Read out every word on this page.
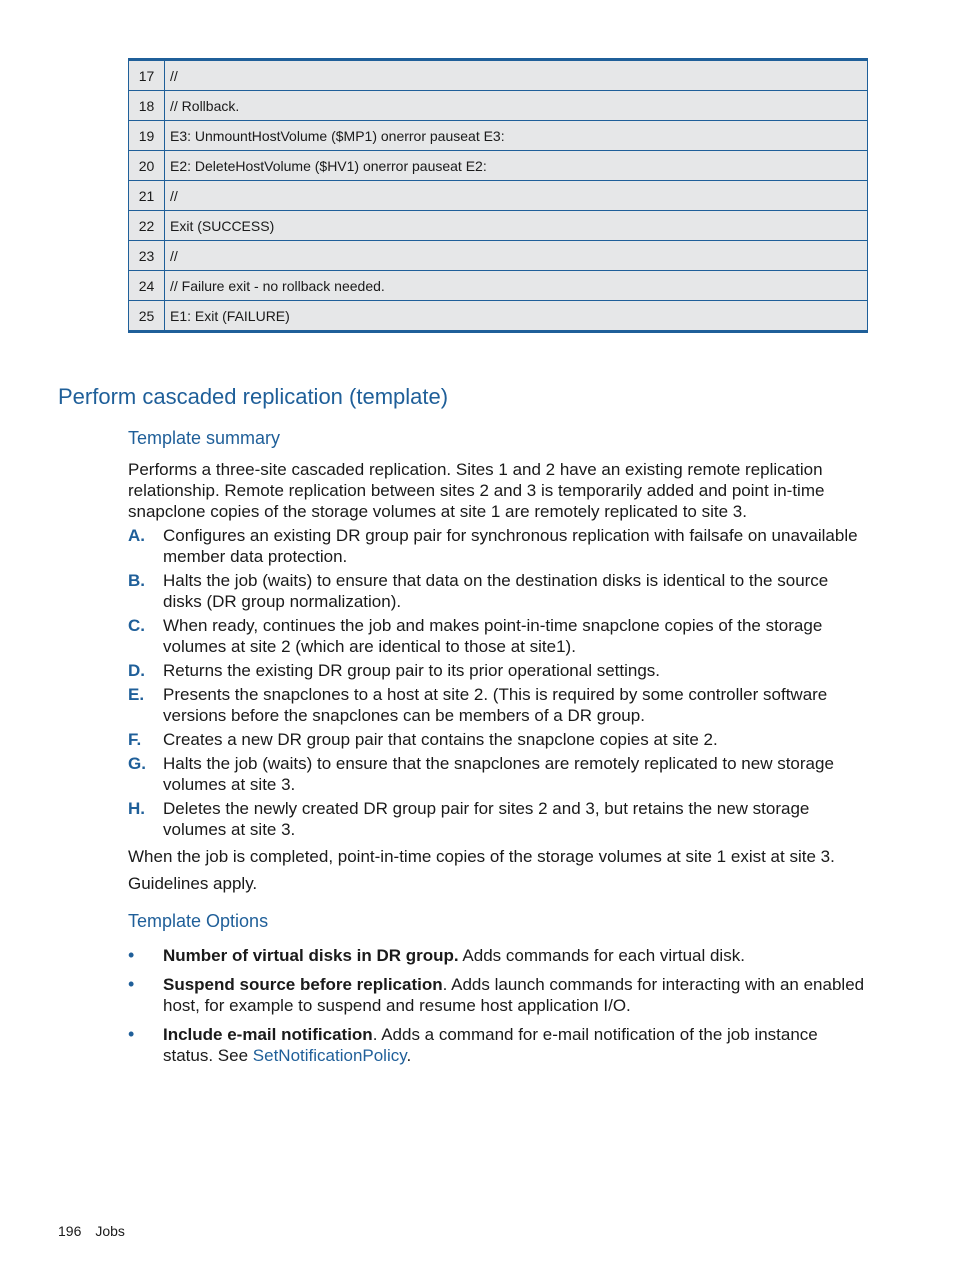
17	//
18	// Rollback.
19	E3: UnmountHostVolume ($MP1) onerror pauseat E3:
20	E2: DeleteHostVolume ($HV1) onerror pauseat E2:
21	//
22	Exit (SUCCESS)
23	//
24	// Failure exit - no rollback needed.
25	E1: Exit (FAILURE)
Perform cascaded replication (template)
Template summary

Performs a three-site cascaded replication. Sites 1 and 2 have an existing remote replication relationship. Remote replication between sites 2 and 3 is temporarily added and point in-time snapclone copies of the storage volumes at site 1 are remotely replicated to site 3.

A. Configures an existing DR group pair for synchronous replication with failsafe on unavailable member data protection.
B. Halts the job (waits) to ensure that data on the destination disks is identical to the source disks (DR group normalization).
C. When ready, continues the job and makes point-in-time snapclone copies of the storage volumes at site 2 (which are identical to those at site1).
D. Returns the existing DR group pair to its prior operational settings.
E. Presents the snapclones to a host at site 2. (This is required by some controller software versions before the snapclones can be members of a DR group.
F. Creates a new DR group pair that contains the snapclone copies at site 2.
G. Halts the job (waits) to ensure that the snapclones are remotely replicated to new storage volumes at site 3.
H. Deletes the newly created DR group pair for sites 2 and 3, but retains the new storage volumes at site 3.

When the job is completed, point-in-time copies of the storage volumes at site 1 exist at site 3.

Guidelines apply.

Template Options
• Number of virtual disks in DR group. Adds commands for each virtual disk.
• Suspend source before replication. Adds launch commands for interacting with an enabled host, for example to suspend and resume host application I/O.
• Include e-mail notification. Adds a command for e-mail notification of the job instance status. See SetNotificationPolicy.
196 Jobs
